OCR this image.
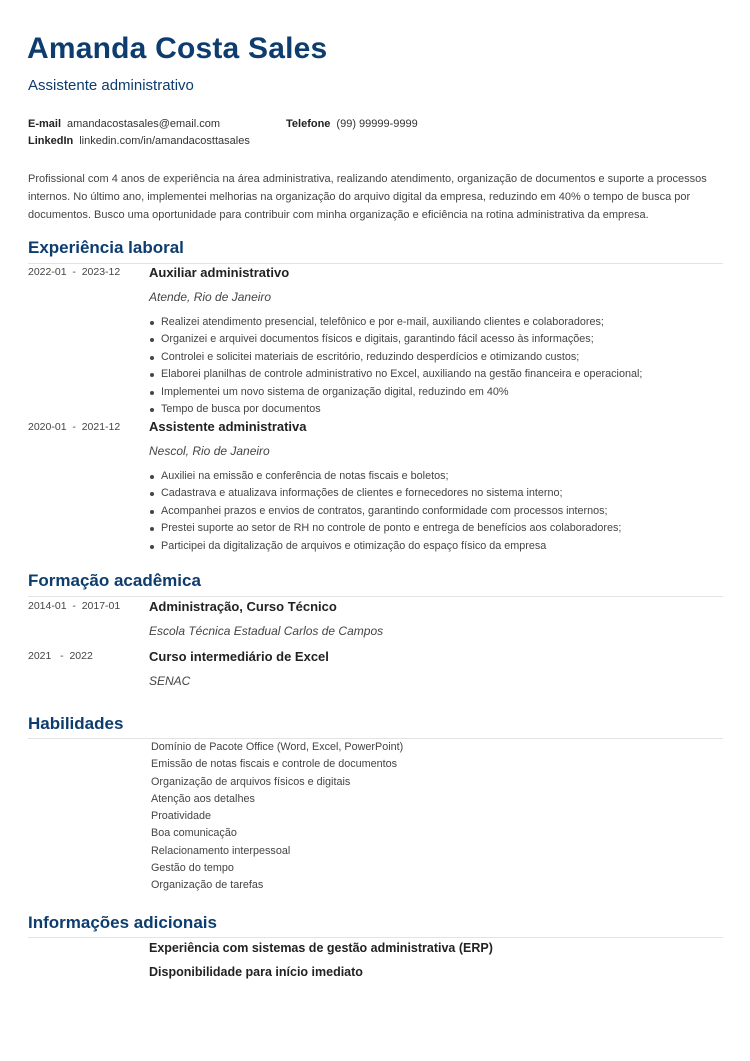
Amanda Costa Sales
Assistente administrativo
E-mail amandacostasales@email.com	Telefone (99) 99999-9999
LinkedIn linkedin.com/in/amandacosttasales
Profissional com 4 anos de experiência na área administrativa, realizando atendimento, organização de documentos e suporte a processos internos. No último ano, implementei melhorias na organização do arquivo digital da empresa, reduzindo em 40% o tempo de busca por documentos. Busco uma oportunidade para contribuir com minha organização e eficiência na rotina administrativa da empresa.
Experiência laboral
2022-01  -  2023-12 Auxiliar administrativo
Atende, Rio de Janeiro
Realizei atendimento presencial, telefônico e por e-mail, auxiliando clientes e colaboradores;
Organizei e arquivei documentos físicos e digitais, garantindo fácil acesso às informações;
Controlei e solicitei materiais de escritório, reduzindo desperdícios e otimizando custos;
Elaborei planilhas de controle administrativo no Excel, auxiliando na gestão financeira e operacional;
Implementei um novo sistema de organização digital, reduzindo em 40%
Tempo de busca por documentos
2020-01  -  2021-12 Assistente administrativa
Nescol, Rio de Janeiro
Auxiliei na emissão e conferência de notas fiscais e boletos;
Cadastrava e atualizava informações de clientes e fornecedores no sistema interno;
Acompanhei prazos e envios de contratos, garantindo conformidade com processos internos;
Prestei suporte ao setor de RH no controle de ponto e entrega de benefícios aos colaboradores;
Participei da digitalização de arquivos e otimização do espaço físico da empresa
Formação acadêmica
2014-01  -  2017-01 Administração, Curso Técnico
Escola Técnica Estadual Carlos de Campos
2021   -  2022	Curso intermediário de Excel
SENAC
Habilidades
Domínio de Pacote Office (Word, Excel, PowerPoint)
Emissão de notas fiscais e controle de documentos
Organização de arquivos físicos e digitais
Atenção aos detalhes
Proatividade
Boa comunicação
Relacionamento interpessoal
Gestão do tempo
Organização de tarefas
Informações adicionais
Experiência com sistemas de gestão administrativa (ERP)
Disponibilidade para início imediato
